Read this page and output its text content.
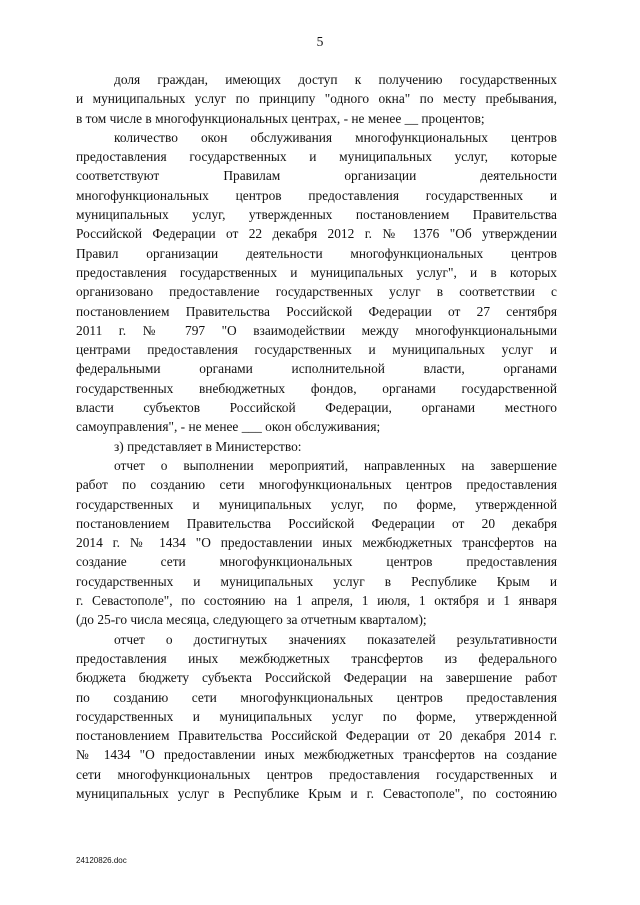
5
доля граждан, имеющих доступ к получению государственных
и муниципальных услуг по принципу "одного окна" по месту пребывания,
в том числе в многофункциональных центрах, - не менее __ процентов;
количество окон обслуживания многофункциональных центров
предоставления государственных и муниципальных услуг, которые
соответствуют Правилам организации деятельности
многофункциональных центров предоставления государственных и
муниципальных услуг, утвержденных постановлением Правительства
Российской Федерации от 22 декабря 2012 г. № 1376 "Об утверждении
Правил организации деятельности многофункциональных центров
предоставления государственных и муниципальных услуг", и в которых
организовано предоставление государственных услуг в соответствии с
постановлением Правительства Российской Федерации от 27 сентября
2011 г. № 797 "О взаимодействии между многофункциональными
центрами предоставления государственных и муниципальных услуг и
федеральными органами исполнительной власти, органами
государственных внебюджетных фондов, органами государственной
власти субъектов Российской Федерации, органами местного
самоуправления", - не менее ___ окон обслуживания;
з) представляет в Министерство:
отчет о выполнении мероприятий, направленных на завершение
работ по созданию сети многофункциональных центров предоставления
государственных и муниципальных услуг, по форме, утвержденной
постановлением Правительства Российской Федерации от 20 декабря
2014 г. № 1434 "О предоставлении иных межбюджетных трансфертов на
создание сети многофункциональных центров предоставления
государственных и муниципальных услуг в Республике Крым и
г. Севастополе", по состоянию на 1 апреля, 1 июля, 1 октября и 1 января
(до 25-го числа месяца, следующего за отчетным кварталом);
отчет о достигнутых значениях показателей результативности
предоставления иных межбюджетных трансфертов из федерального
бюджета бюджету субъекта Российской Федерации на завершение работ
по созданию сети многофункциональных центров предоставления
государственных и муниципальных услуг по форме, утвержденной
постановлением Правительства Российской Федерации от 20 декабря 2014 г.
№ 1434 "О предоставлении иных межбюджетных трансфертов на создание
сети многофункциональных центров предоставления государственных и
муниципальных услуг в Республике Крым и г. Севастополе", по состоянию
24120826.doc
